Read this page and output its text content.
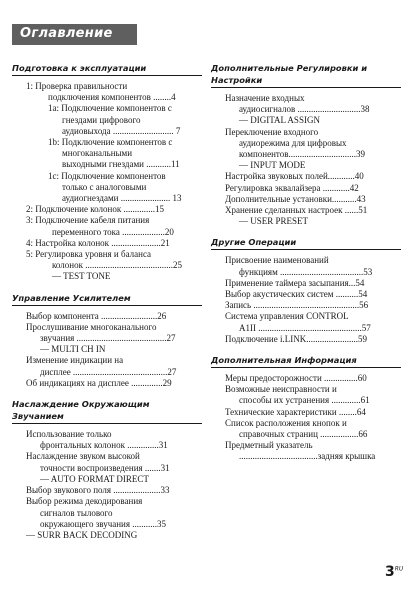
Оглавление
Подготовка к эксплуатации
1: Проверка правильности
подключения компонентов ........4
1а: Подключение компонентов с
гнездами цифрового
аудиовыхода ........................... 7
1b: Подключение компонентов с
многоканальными
выходными гнездами ...........11
1с: Подключение компонентов
только с аналоговыми
аудиогнездами ...................... 13
2: Подключение колонок ..............15
3: Подключение кабеля питания
переменного тока ...................20
4: Настройка колонок ......................21
5: Регулировка уровня и баланса
колонок .......................................25
— TEST TONE
Управление Усилителем
Выбор компонента .........................26
Прослушивание многоканального
звучания ........................................27
— MULTI CH IN
Изменение индикации на
дисплее ..........................................27
Об индикациях на дисплее ..............29
Наслаждение Окружающим
Звучанием
Использование только
фронтальных колонок ..............31
Наслаждение звуком высокой
точности воспроизведения .......31
— AUTO FORMAT DIRECT
Выбор звукового поля .....................33
Выбор режима декодирования
сигналов тылового
окружающего звучания ...........35
— SURR BACK DECODING
Дополнительные Регулировки и
Настройки
Назначение входных
аудиосигналов ............................38
— DIGITAL ASSIGN
Переключение входного
аудиорежима для цифровых
компонентов..............................39
— INPUT MODE
Настройка звуковых полей............40
Регулировка эквалайзера ............42
Дополнительные установки...........43
Хранение сделанных настроек ......51
— USER PRESET
Другие Операции
Присвоение наименований
функциям .....................................53
Применение таймера засыпания...54
Выбор акустических систем ..........54
Запись ...............................................56
Система управления CONTROL
A1II ..............................................57
Подключение i.LINK.......................59
Дополнительная Информация
Меры предосторожности ...............60
Возможные неисправности и
способы их устранения .............61
Технические характеристики ........64
Список расположения кнопок и
справочных страниц .................66
Предметный указатель
...................................задняя крышка
$3^{RU}$
